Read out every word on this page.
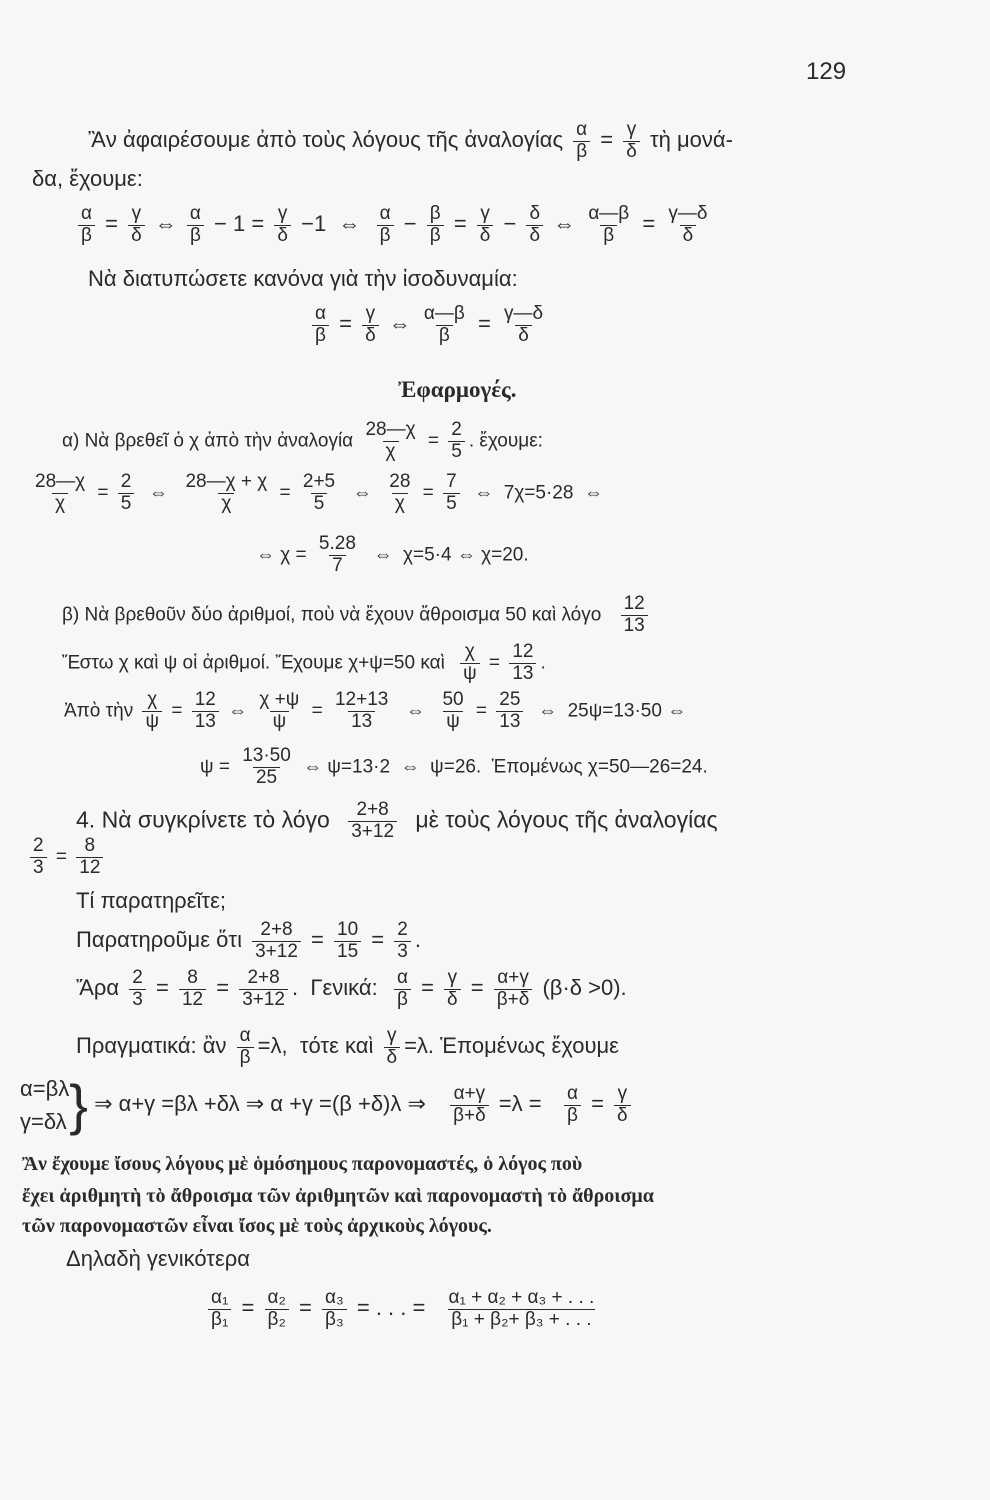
129
Ἂν ἀφαιρέσουμε ἀπὸ τοὺς λόγους τῆς ἀναλογίας $\frac{\alpha}{\beta} = \frac{\gamma}{\delta}$ τὴ μονά-
δα, ἔχουμε:
$\frac{\alpha}{\beta} = \frac{\gamma}{\delta}$ ⇔ $\frac{\alpha}{\beta} - 1 = \frac{\gamma}{\delta} -1$ ⇔ $\frac{\alpha}{\beta} - \frac{\beta}{\beta} = \frac{\gamma}{\delta} - \frac{\delta}{\delta}$ ⇔ $\frac{\alpha—\beta}{\beta} = \frac{\gamma—\delta}{\delta}$
Νὰ διατυπώσετε κανόνα γιὰ τὴν ἰσοδυναμία:
$\frac{\alpha}{\beta} = \frac{\gamma}{\delta}$ ⇔ $\frac{\alpha—\beta}{\beta} = \frac{\gamma—\delta}{\delta}$
Ἐφαρμογές.
α) Νὰ βρεθεῖ ὁ χ ἀπὸ τὴν ἀναλογία $\frac{28—\chi}{\chi} = \frac{2}{5}$ . ἔχουμε:
$\frac{28—\chi}{\chi} = \frac{2}{5}$ ⇔ $\frac{28—\chi + \chi}{\chi} = \frac{2+5}{5}$ ⇔ $\frac{28}{\chi} = \frac{7}{5}$ ⇔ 7χ=5·28 ⇔
⇔ $\chi = \frac{5.28}{7}$ ⇔ χ=5·4 ⇔ χ=20.
β) Νὰ βρεθοῦν δύο ἀριθμοί, ποὺ νὰ ἔχουν ἄθροισμα 50 καὶ λόγο $\frac{12}{13}$
Ἔστω χ καὶ ψ οἱ ἀριθμοί. Ἔχουμε χ+ψ=50 καὶ $\frac{\chi}{\psi} = \frac{12}{13}$ .
Ἀπὸ τὴν $\frac{\chi}{\psi} = \frac{12}{13}$ ⇔ $\frac{\chi +\psi}{\psi} = \frac{12+13}{13}$ ⇔ $\frac{50}{\psi} = \frac{25}{13}$ ⇔ 25ψ=13·50 ⇔
$\psi = \frac{13\cdot 50}{25}$ ⇔ ψ=13·2 ⇔ ψ=26. Ἑπομένως χ=50—26=24.
4. Νὰ συγκρίνετε τὸ λόγο $\frac{2+8}{3+12}$ μὲ τοὺς λόγους τῆς ἀναλογίας
$\frac{2}{3} = \frac{8}{12}$
Τί παρατηρεῖτε;
Παρατηροῦμε ὅτι $\frac{2+8}{3+12} = \frac{10}{15} = \frac{2}{3}$ .
Ἄρα $\frac{2}{3} = \frac{8}{12} = \frac{2+8}{3+12}$ .  Γενικά: $\frac{\alpha}{\beta} = \frac{\gamma}{\delta} = \frac{\alpha+\gamma}{\beta+\delta} (\beta\cdot\delta >0)$.
Πραγματικά: ἂν $\frac{\alpha}{\beta} =\lambda$, τότε καὶ $\frac{\gamma}{\delta} =\lambda$. Ἑπομένως ἔχουμε
α=βλ
γ=δλ } ⇒ α+γ =βλ +δλ ⇒ α +γ =(β +δ)λ ⇒ $\frac{\alpha+\gamma}{\beta+\delta} =\lambda = \frac{\alpha}{\beta} = \frac{\gamma}{\delta}$
Ἂν ἔχουμε ἴσους λόγους μὲ ὁμόσημους παρονομαστές, ὁ λόγος ποὺ
ἔχει ἀριθμητὴ τὸ ἄθροισμα τῶν ἀριθμητῶν καὶ παρονομαστὴ τὸ ἄθροισμα
τῶν παρονομαστῶν εἶναι ἴσος μὲ τοὺς ἀρχικοὺς λόγους.
Δηλαδὴ γενικότερα
$\frac{\text{α₁}}{\text{β₁}} = \frac{\text{α₂}}{\text{β₂}} = \frac{\text{α₃}}{\text{β₃}}$ = . . . = $\frac{\text{α₁ + α₂ + α₃ + . . .}}{\text{β₁ + β₂+ β₃ + . . .}}$
